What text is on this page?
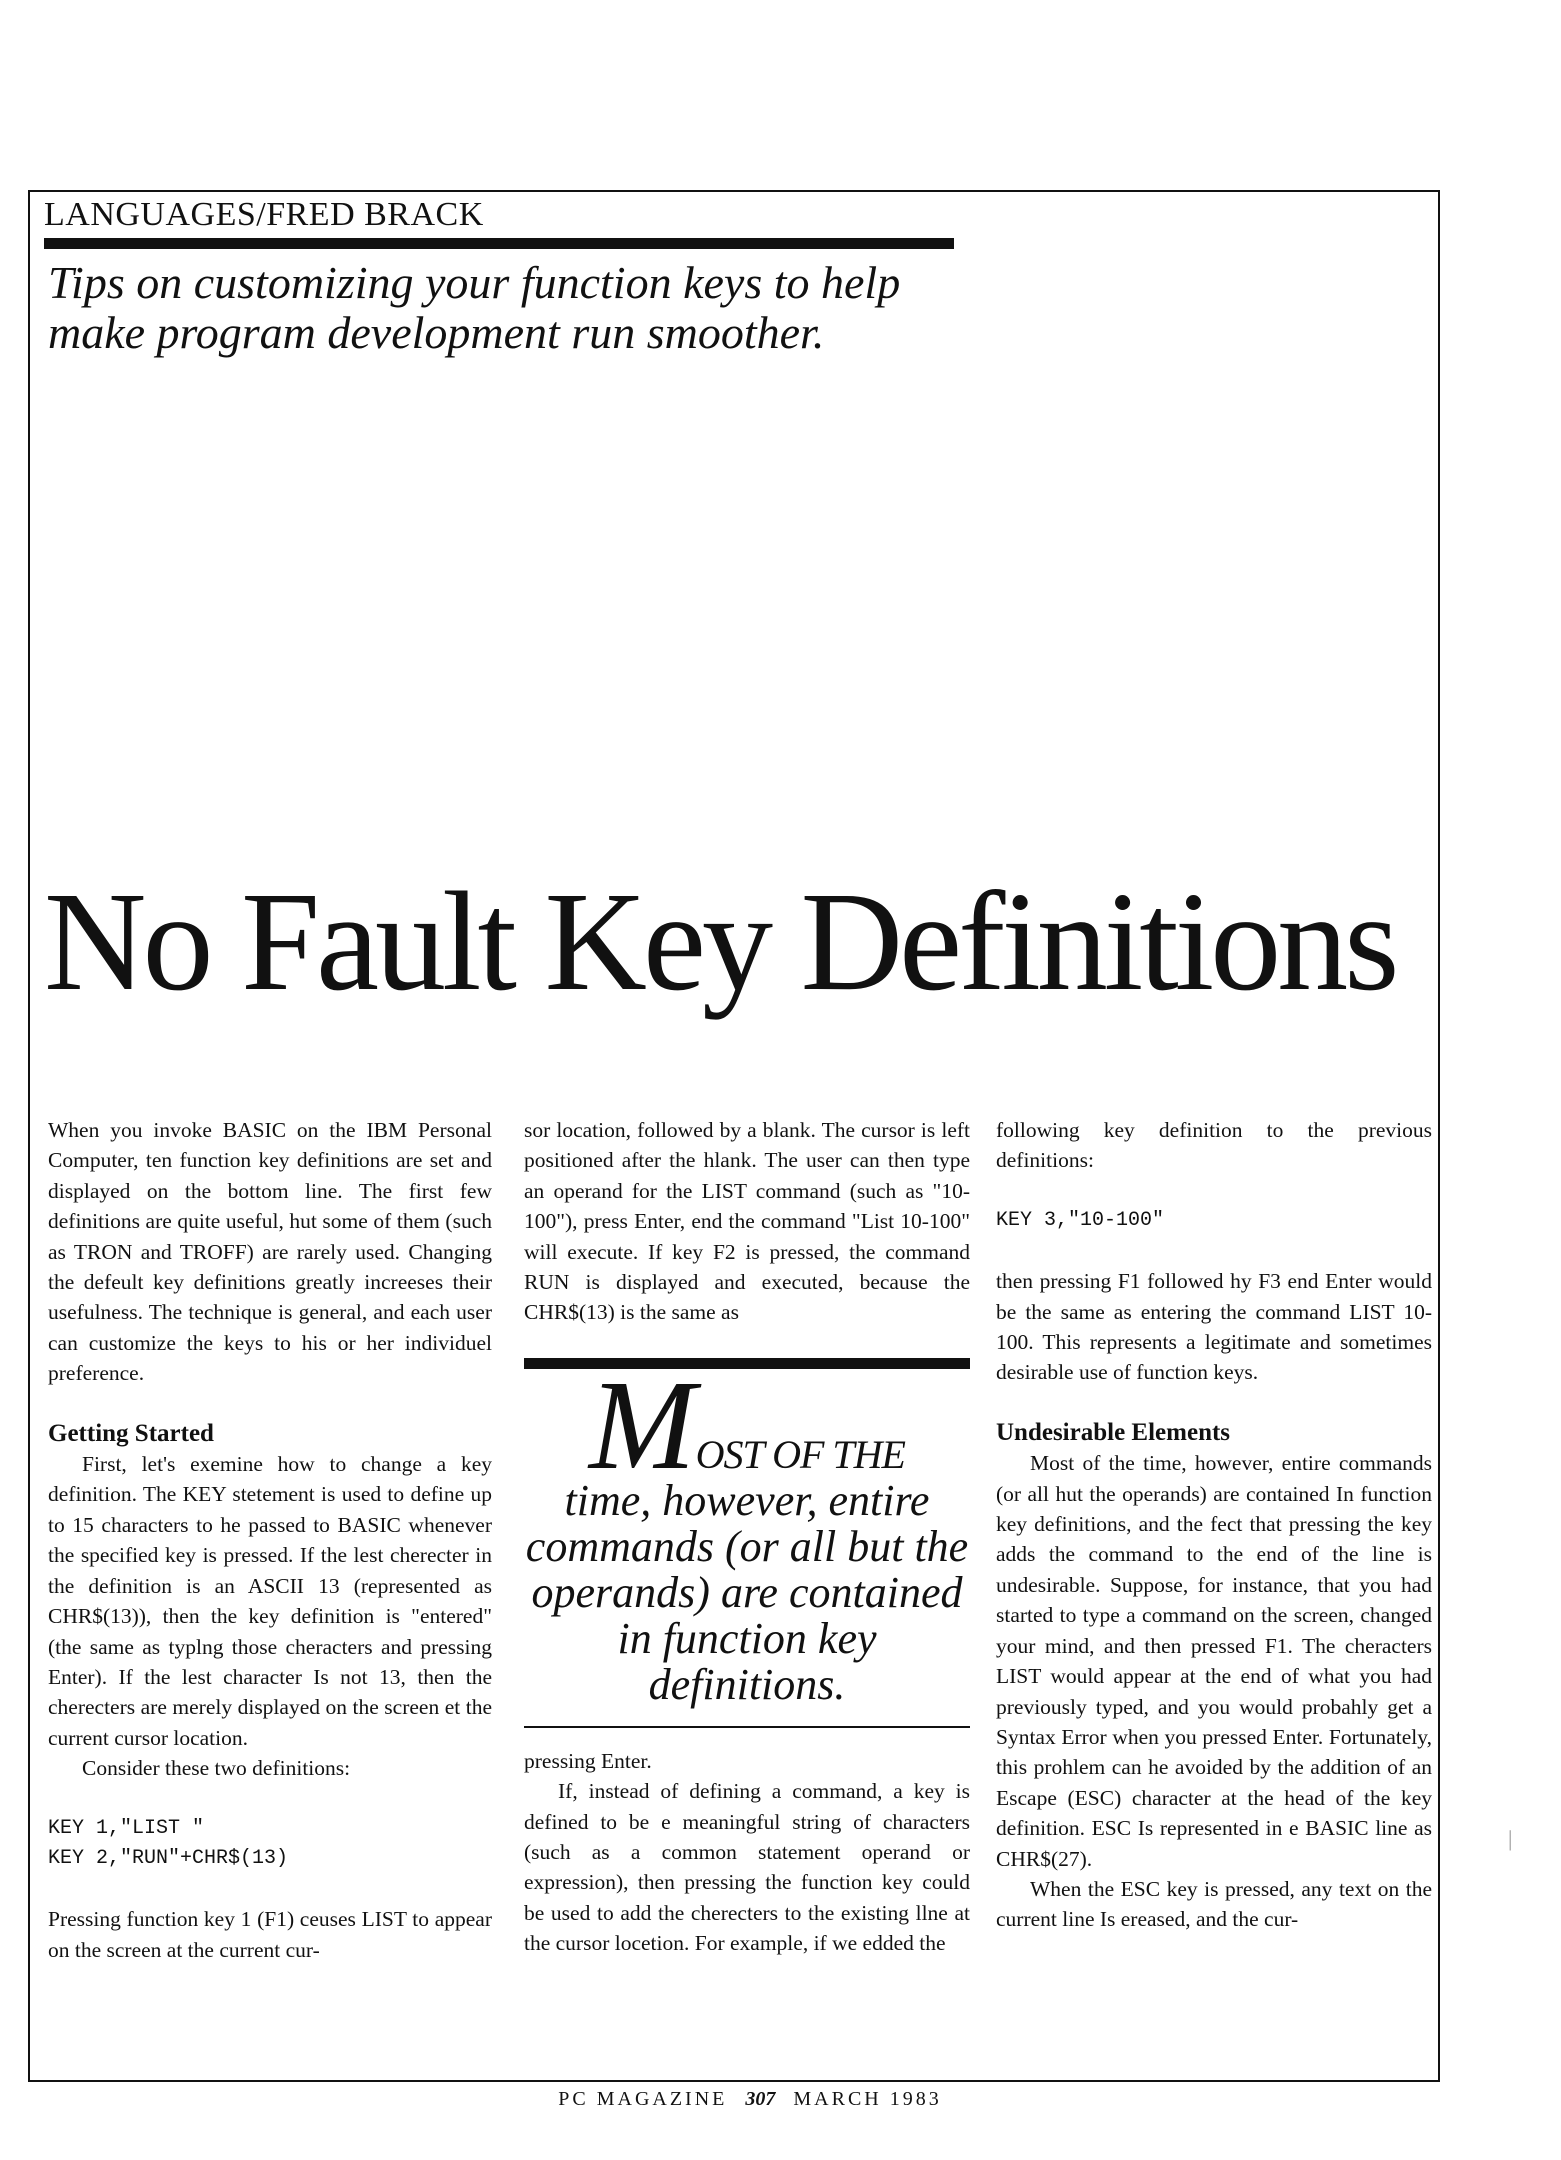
LANGUAGES/FRED BRACK
Tips on customizing your function keys to help
make program development run smoother.
No Fault Key Definitions

When you invoke BASIC on the IBM Personal Computer, ten function key definitions are set and displayed on the bottom line. The first few definitions are quite useful, hut some of them (such as TRON and TROFF) are rarely used. Changing the defeult key definitions greatly increeses their usefulness. The technique is general, and each user can customize the keys to his or her individuel preference.

Getting Started

First, let's exemine how to change a key definition. The KEY stetement is used to define up to 15 characters to he passed to BASIC whenever the specified key is pressed. If the lest cherecter in the definition is an ASCII 13 (represented as CHR$(13)), then the key definition is "entered" (the same as typlng those cheracters and pressing Enter). If the lest character Is not 13, then the cherecters are merely displayed on the screen et the current cursor location.

Consider these two definitions:

KEY 1,"LIST "

KEY 2,"RUN"+CHR$(13)

Pressing function key 1 (F1) ceuses LIST to appear on the screen at the current cur-

sor location, followed by a blank. The cursor is left positioned after the hlank. The user can then type an operand for the LIST command (such as "10-100"), press Enter, end the command "List 10-100" will execute. If key F2 is pressed, the command RUN is displayed and executed, because the CHR$(13) is the same as

MOST OF THE
time, however, entire commands (or all but the operands) are contained in function key definitions.

pressing Enter.

If, instead of defining a command, a key is defined to be e meaningful string of characters (such as a common statement operand or expression), then pressing the function key could be used to add the cherecters to the existing llne at the cursor locetion. For example, if we edded the

following key definition to the previous definitions:

KEY 3,"10-100"

then pressing F1 followed hy F3 end Enter would be the same as entering the command LIST 10-100. This represents a legitimate and sometimes desirable use of function keys.

Undesirable Elements

Most of the time, however, entire commands (or all hut the operands) are contained In function key definitions, and the fect that pressing the key adds the command to the end of the line is undesirable. Suppose, for instance, that you had started to type a command on the screen, changed your mind, and then pressed F1. The cheracters LIST would appear at the end of what you had previously typed, and you would probahly get a Syntax Error when you pressed Enter. Fortunately, this prohlem can he avoided by the addition of an Escape (ESC) character at the head of the key definition. ESC Is represented in e BASIC line as CHR$(27).

When the ESC key is pressed, any text on the current line Is ereased, and the cur-

PC MAGAZINE 307 MARCH 1983
|
